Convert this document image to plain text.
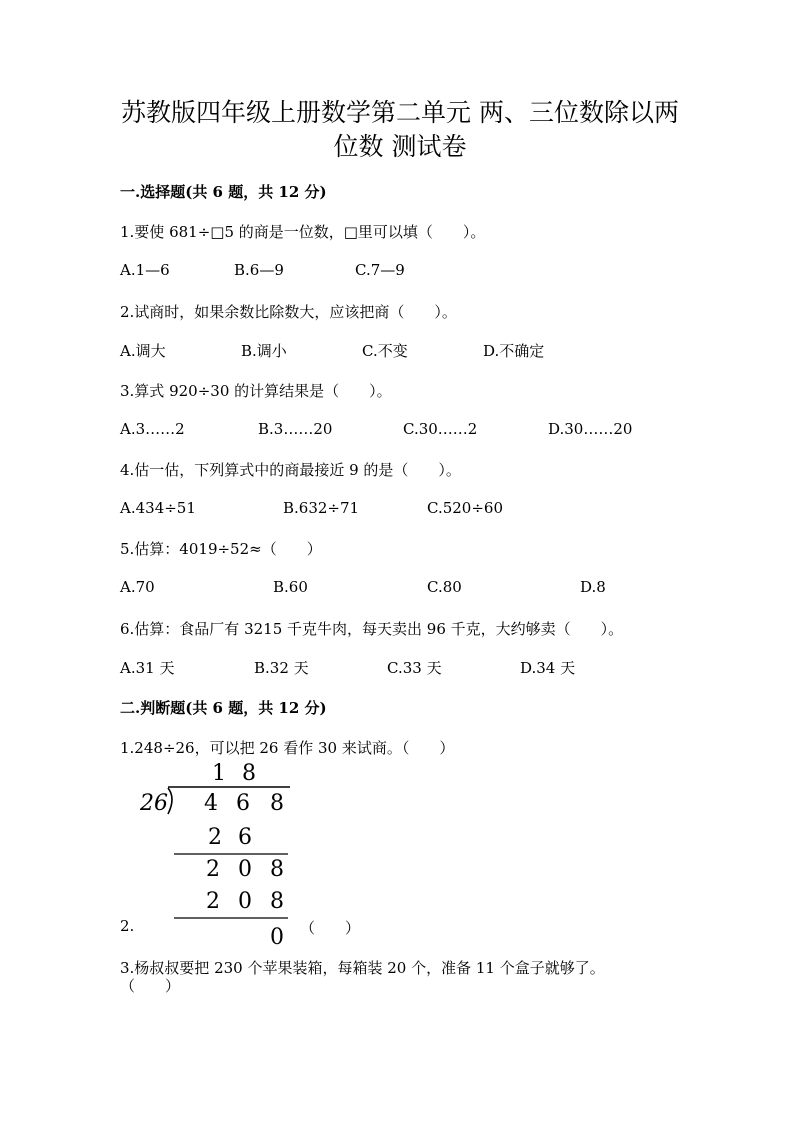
苏教版四年级上册数学第二单元 两、三位数除以两
位数 测试卷
一.选择题(共 6 题，共 12 分)
1.要使 681÷□5 的商是一位数，□里可以填（　　）。
A.1—6	B.6—9	C.7—9
2.试商时，如果余数比除数大，应该把商（　　）。
A.调大	B.调小	C.不变	D.不确定
3.算式 920÷30 的计算结果是（　　）。
A.3……2	B.3……20	C.30……2	D.30……20
4.估一估，下列算式中的商最接近 9 的是（　　）。
A.434÷51	B.632÷71	C.520÷60
5.估算：4019÷52≈（　　）
A.70	B.60	C.80	D.8
6.估算：食品厂有 3215 千克牛肉，每天卖出 96 千克，大约够卖（　　）。
A.31 天	B.32 天	C.33 天	D.34 天
二.判断题(共 6 题，共 12 分)
1.248÷26，可以把 26 看作 30 来试商。（　　）
1 8
26 4 6 8
2 6
2 0 8
2 0 8
0
2.	（　　）
3.杨叔叔要把 230 个苹果装箱，每箱装 20 个，准备 11 个盒子就够了。
（　　）
